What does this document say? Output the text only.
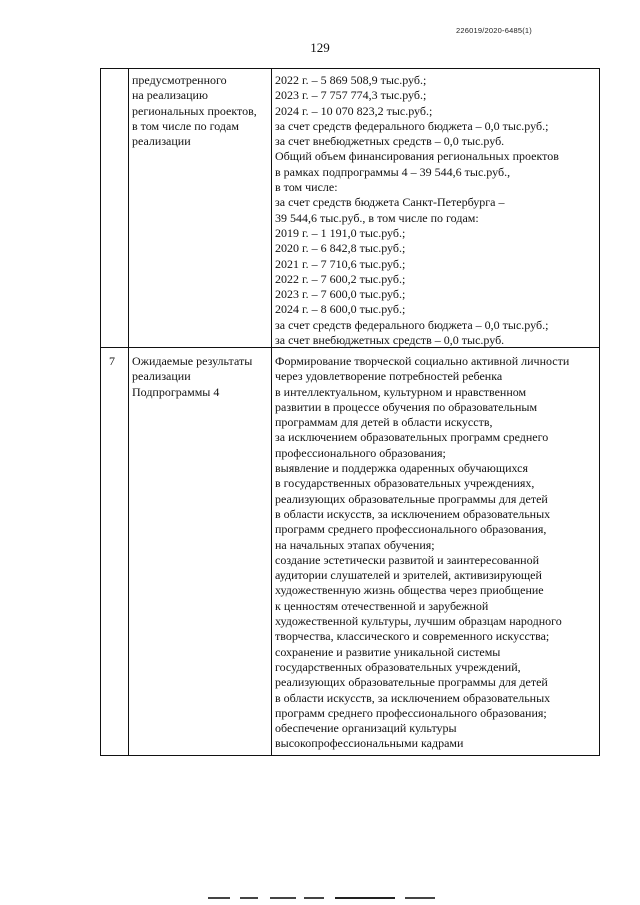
226019/2020-6485(1)
129
предусмотренного
на реализацию
региональных проектов,
в том числе по годам
реализации
2022 г. – 5 869 508,9 тыс.руб.;
2023 г. – 7 757 774,3 тыс.руб.;
2024 г. – 10 070 823,2 тыс.руб.;
за счет средств федерального бюджета – 0,0 тыс.руб.;
за счет внебюджетных средств – 0,0 тыс.руб.
Общий объем финансирования региональных проектов
в рамках подпрограммы 4 – 39 544,6 тыс.руб.,
в том числе:
за счет средств бюджета Санкт-Петербурга –
39 544,6 тыс.руб., в том числе по годам:
2019 г. – 1 191,0 тыс.руб.;
2020 г. – 6 842,8 тыс.руб.;
2021 г. – 7 710,6 тыс.руб.;
2022 г. – 7 600,2 тыс.руб.;
2023 г. – 7 600,0 тыс.руб.;
2024 г. – 8 600,0 тыс.руб.;
за счет средств федерального бюджета – 0,0 тыс.руб.;
за счет внебюджетных средств – 0,0 тыс.руб.
7 Ожидаемые результаты
реализации
Подпрограммы 4
Формирование творческой социально активной личности
через удовлетворение потребностей ребенка
в интеллектуальном, культурном и нравственном
развитии в процессе обучения по образовательным
программам для детей в области искусств,
за исключением образовательных программ среднего
профессионального образования;
выявление и поддержка одаренных обучающихся
в государственных образовательных учреждениях,
реализующих образовательные программы для детей
в области искусств, за исключением образовательных
программ среднего профессионального образования,
на начальных этапах обучения;
создание эстетически развитой и заинтересованной
аудитории слушателей и зрителей, активизирующей
художественную жизнь общества через приобщение
к ценностям отечественной и зарубежной
художественной культуры, лучшим образцам народного
творчества, классического и современного искусства;
сохранение и развитие уникальной системы
государственных образовательных учреждений,
реализующих образовательные программы для детей
в области искусств, за исключением образовательных
программ среднего профессионального образования;
обеспечение организаций культуры
высокопрофессиональными кадрами
